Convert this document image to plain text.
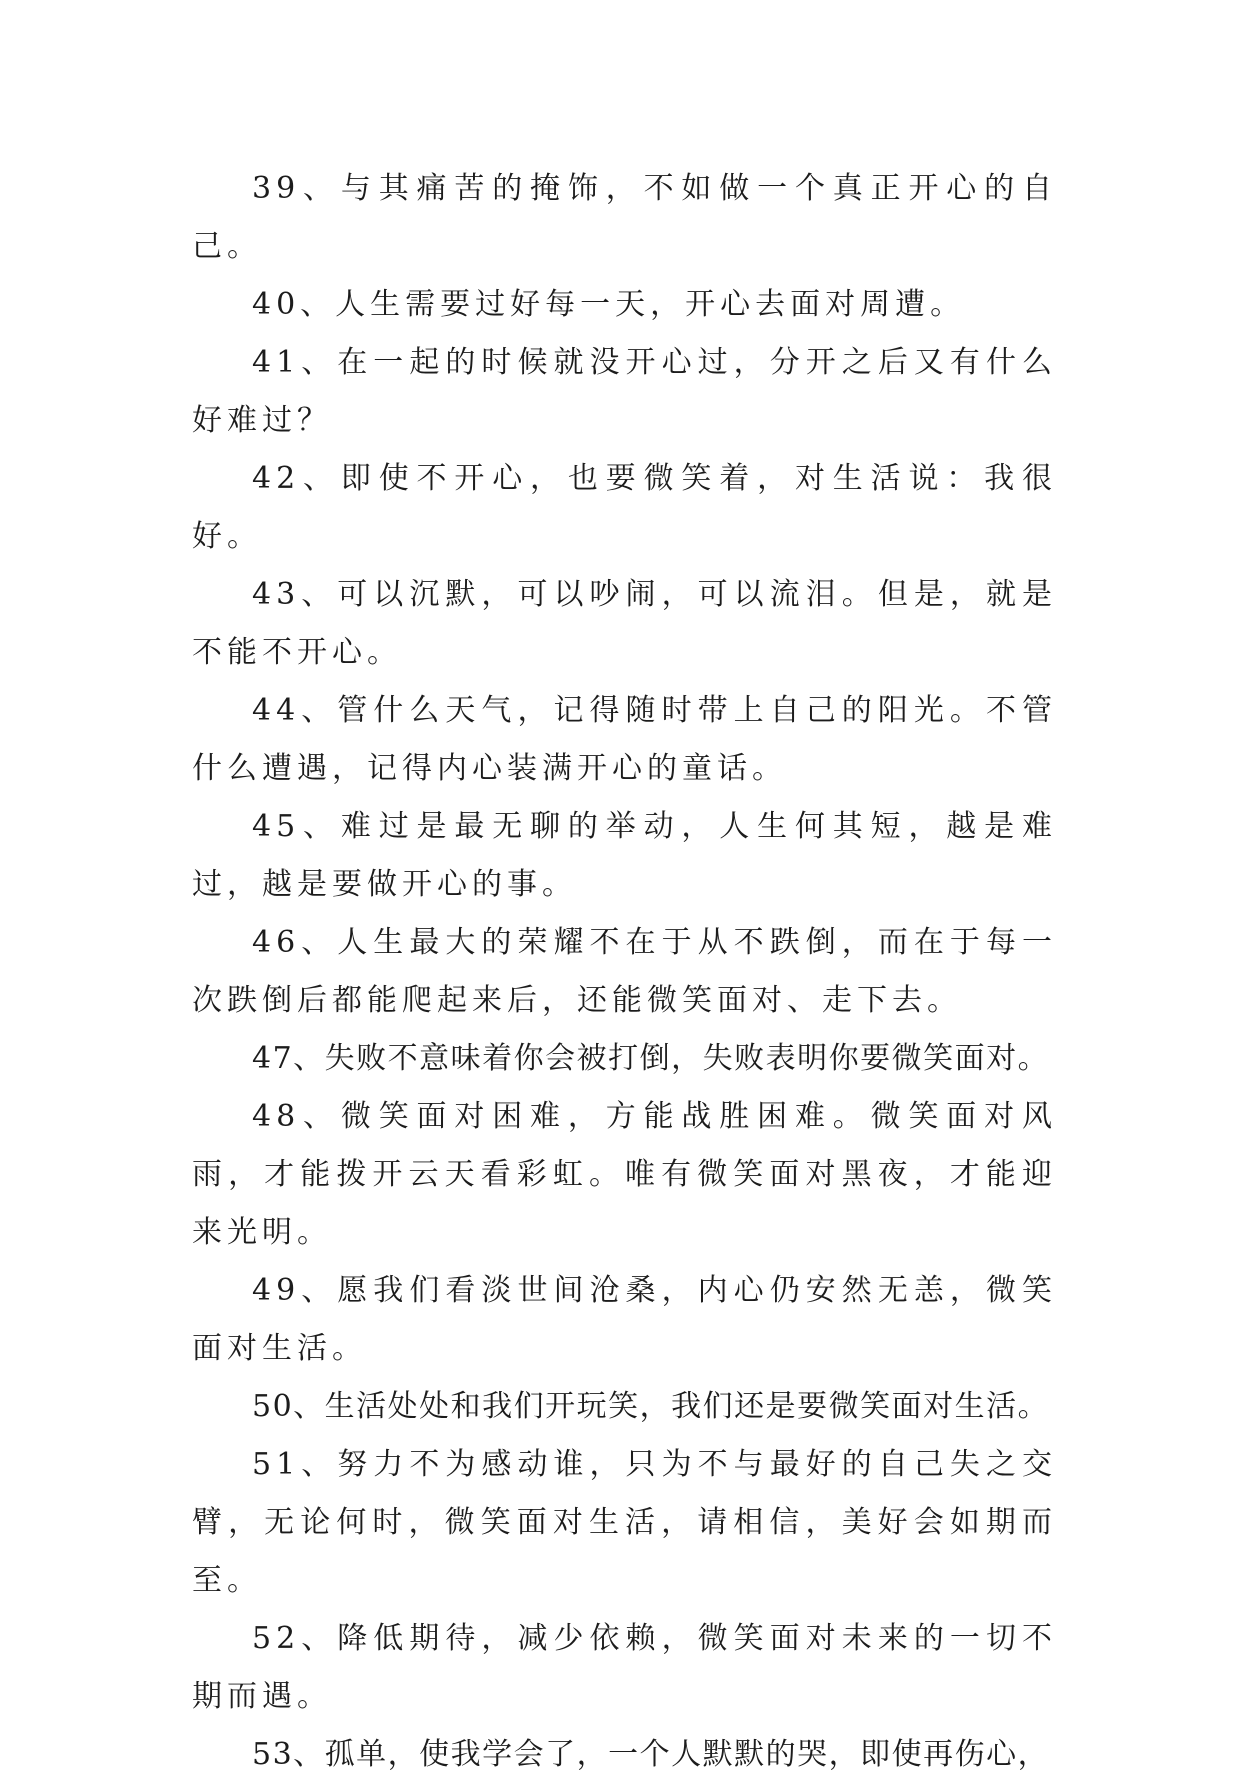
39、与其痛苦的掩饰，不如做一个真正开心的自己。

40、人生需要过好每一天，开心去面对周遭。

41、在一起的时候就没开心过，分开之后又有什么好难过？

42、即使不开心，也要微笑着，对生活说：我很好。

43、可以沉默，可以吵闹，可以流泪。但是，就是不能不开心。

44、管什么天气，记得随时带上自己的阳光。不管什么遭遇，记得内心装满开心的童话。

45、难过是最无聊的举动，人生何其短，越是难过，越是要做开心的事。

46、人生最大的荣耀不在于从不跌倒，而在于每一次跌倒后都能爬起来后，还能微笑面对、走下去。

47、失败不意味着你会被打倒，失败表明你要微笑面对。

48、微笑面对困难，方能战胜困难。微笑面对风雨，才能拨开云天看彩虹。唯有微笑面对黑夜，才能迎来光明。

49、愿我们看淡世间沧桑，内心仍安然无恙，微笑面对生活。

50、生活处处和我们开玩笑，我们还是要微笑面对生活。

51、努力不为感动谁，只为不与最好的自己失之交臂，无论何时，微笑面对生活，请相信，美好会如期而至。

52、降低期待，减少依赖，微笑面对未来的一切不期而遇。

53、孤单，使我学会了，一个人默默的哭，即使再伤心，
